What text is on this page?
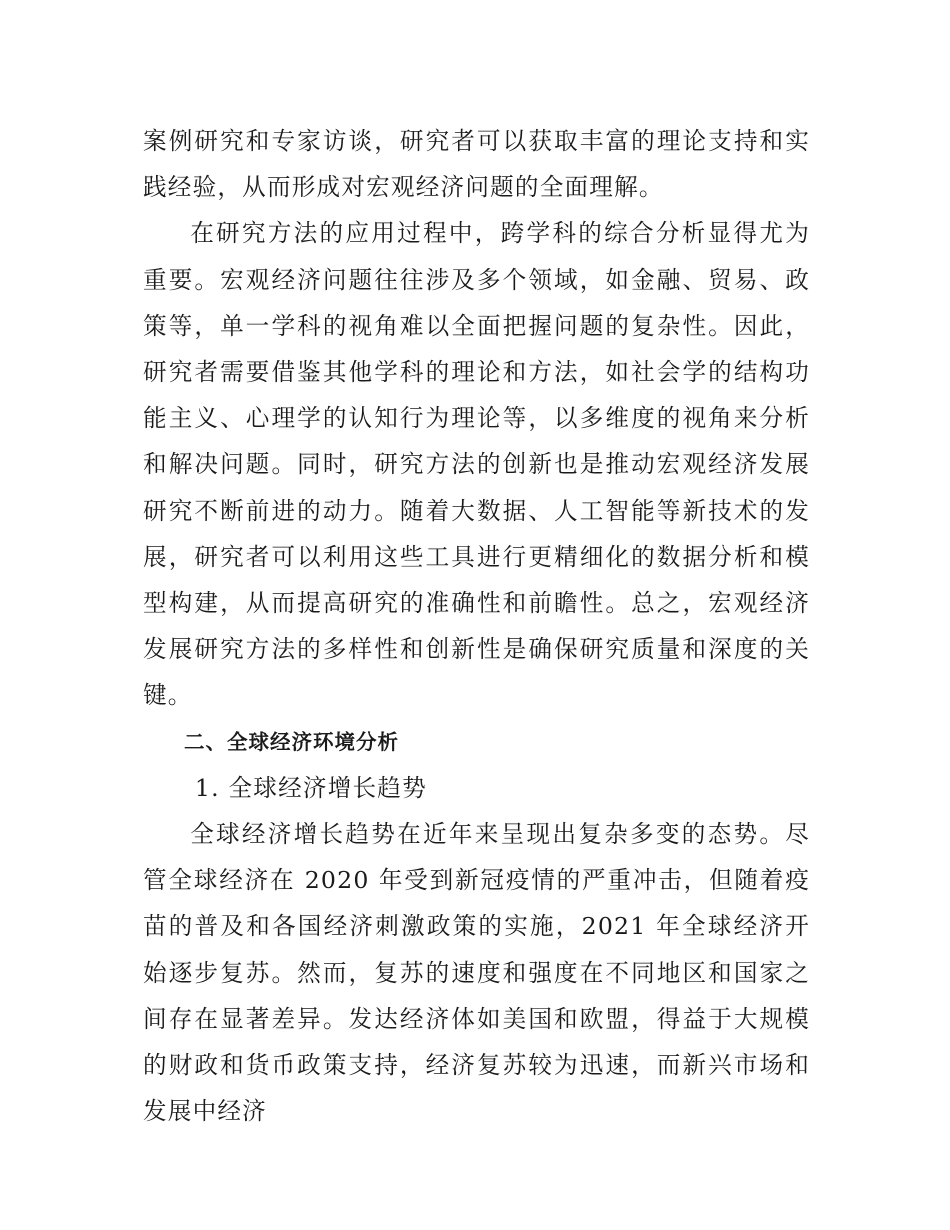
案例研究和专家访谈，研究者可以获取丰富的理论支持和实践经验，从而形成对宏观经济问题的全面理解。

在研究方法的应用过程中，跨学科的综合分析显得尤为重要。宏观经济问题往往涉及多个领域，如金融、贸易、政策等，单一学科的视角难以全面把握问题的复杂性。因此，研究者需要借鉴其他学科的理论和方法，如社会学的结构功能主义、心理学的认知行为理论等，以多维度的视角来分析和解决问题。同时，研究方法的创新也是推动宏观经济发展研究不断前进的动力。随着大数据、人工智能等新技术的发展，研究者可以利用这些工具进行更精细化的数据分析和模型构建，从而提高研究的准确性和前瞻性。总之，宏观经济发展研究方法的多样性和创新性是确保研究质量和深度的关键。

二、全球经济环境分析

1. 全球经济增长趋势

全球经济增长趋势在近年来呈现出复杂多变的态势。尽管全球经济在 2020 年受到新冠疫情的严重冲击，但随着疫苗的普及和各国经济刺激政策的实施，2021 年全球经济开始逐步复苏。然而，复苏的速度和强度在不同地区和国家之间存在显著差异。发达经济体如美国和欧盟，得益于大规模的财政和货币政策支持，经济复苏较为迅速，而新兴市场和发展中经济
